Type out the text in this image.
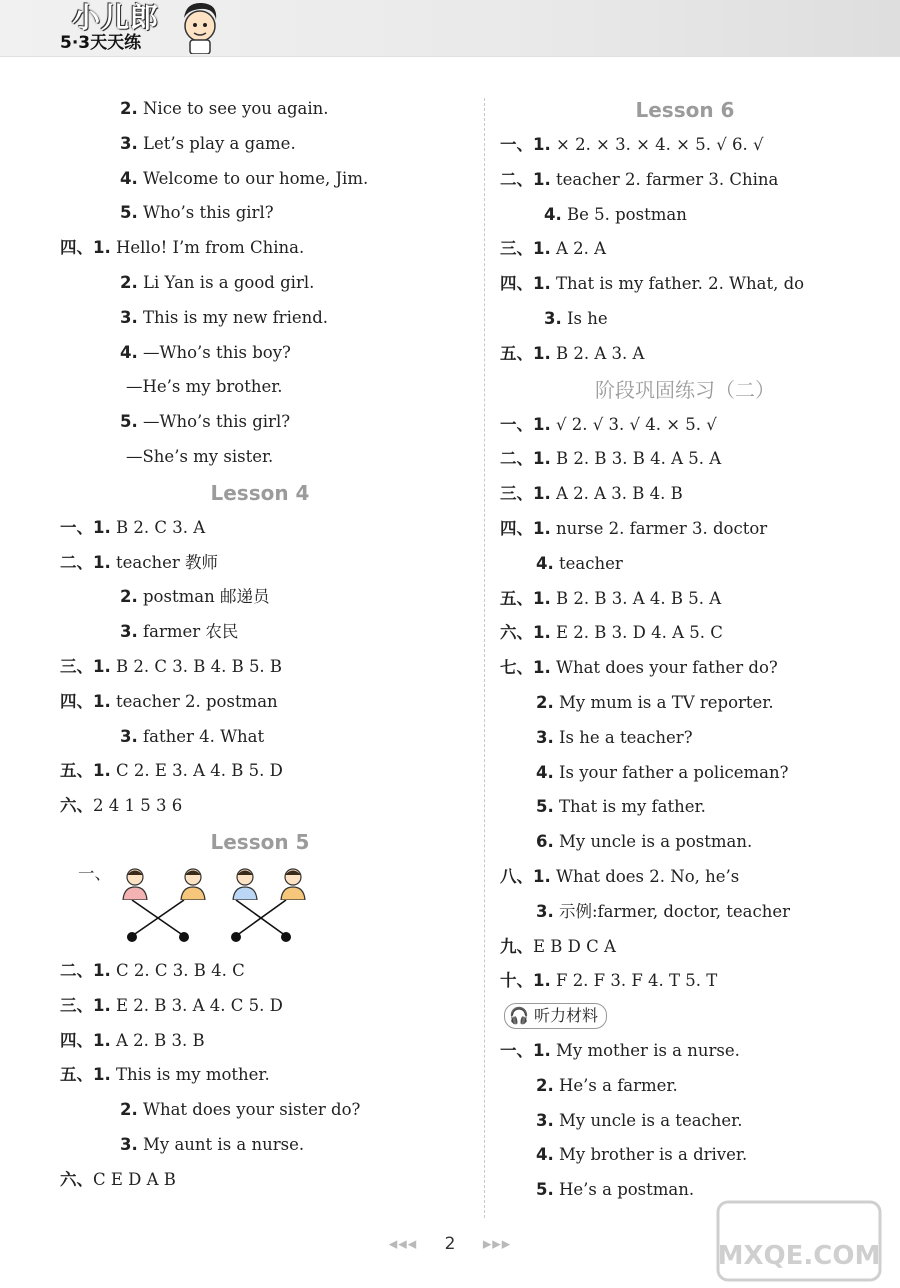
小儿郎
5·3天天练
2. Nice to see you again.
3. Let’s play a game.
4. Welcome to our home, Jim.
5. Who’s this girl?
四、1. Hello! I’m from China.
2. Li Yan is a good girl.
3. This is my new friend.
4. —Who’s this boy?
—He’s my brother.
5. —Who’s this girl?
—She’s my sister.
Lesson 4
一、1. B 2. C 3. A
二、1. teacher 教师
2. postman 邮递员
3. farmer 农民
三、1. B 2. C 3. B 4. B 5. B
四、1. teacher 2. postman
3. father 4. What
五、1. C 2. E 3. A 4. B 5. D
六、2 4 1 5 3 6
Lesson 5
一、
二、1. C 2. C 3. B 4. C
三、1. E 2. B 3. A 4. C 5. D
四、1. A 2. B 3. B
五、1. This is my mother.
2. What does your sister do?
3. My aunt is a nurse.
六、C E D A B
Lesson 6
一、1. × 2. × 3. × 4. × 5. √ 6. √
二、1. teacher 2. farmer 3. China
4. Be 5. postman
三、1. A 2. A
四、1. That is my father. 2. What, do
3. Is he
五、1. B 2. A 3. A
阶段巩固练习（二）
一、1. √ 2. √ 3. √ 4. × 5. √
二、1. B 2. B 3. B 4. A 5. A
三、1. A 2. A 3. B 4. B
四、1. nurse 2. farmer 3. doctor
4. teacher
五、1. B 2. B 3. A 4. B 5. A
六、1. E 2. B 3. D 4. A 5. C
七、1. What does your father do?
2. My mum is a TV reporter.
3. Is he a teacher?
4. Is your father a policeman?
5. That is my father.
6. My uncle is a postman.
八、1. What does 2. No, he’s
3. 示例:farmer, doctor, teacher
九、E B D C A
十、1. F 2. F 3. F 4. T 5. T
🎧 听力材料
一、1. My mother is a nurse.
2. He’s a farmer.
3. My uncle is a teacher.
4. My brother is a driver.
5. He’s a postman.
◀◀◀ 2 ▶▶▶	MXQE.COM
